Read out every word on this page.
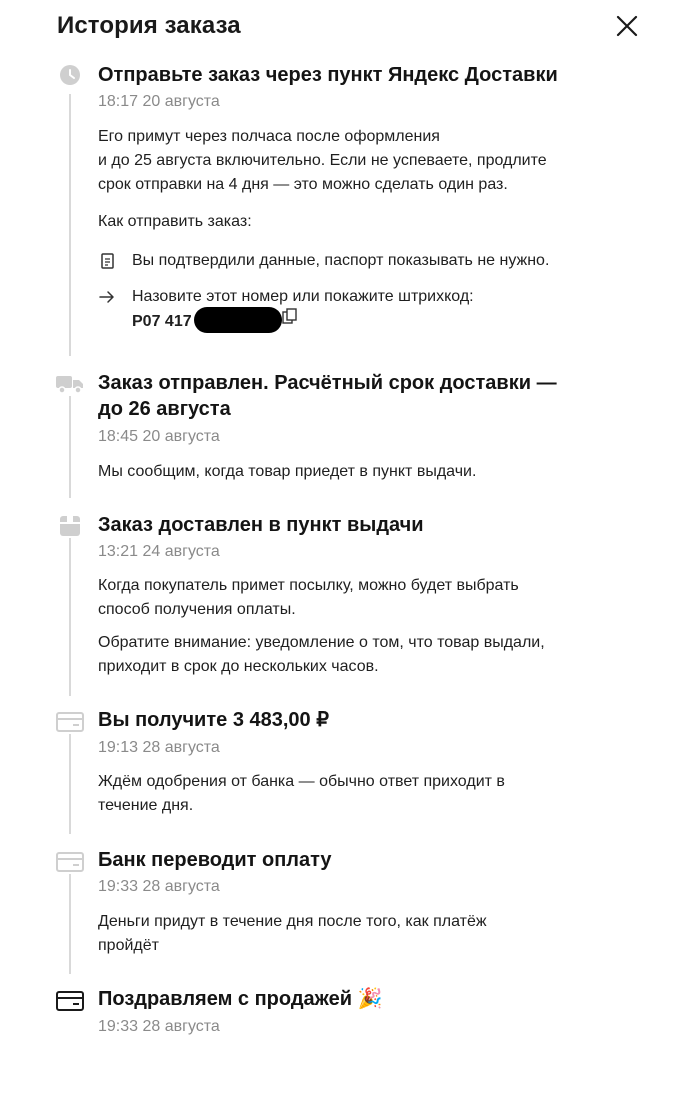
История заказа
Отправьте заказ через пункт Яндекс Доставки
18:17 20 августа
Его примут через полчаса после оформления
и до 25 августа включительно. Если не успеваете, продлите
срок отправки на 4 дня — это можно сделать один раз.
Как отправить заказ:
Вы подтвердили данные, паспорт показывать не нужно.
Назовите этот номер или покажите штрихкод:
P07 417
Заказ отправлен. Расчётный срок доставки —
до 26 августа
18:45 20 августа
Мы сообщим, когда товар приедет в пункт выдачи.
Заказ доставлен в пункт выдачи
13:21 24 августа
Когда покупатель примет посылку, можно будет выбрать
способ получения оплаты.
Обратите внимание: уведомление о том, что товар выдали,
приходит в срок до нескольких часов.
Вы получите 3 483,00 ₽
19:13 28 августа
Ждём одобрения от банка — обычно ответ приходит в
течение дня.
Банк переводит оплату
19:33 28 августа
Деньги придут в течение дня после того, как платёж
пройдёт
Поздравляем с продажей 🎉
19:33 28 августа
